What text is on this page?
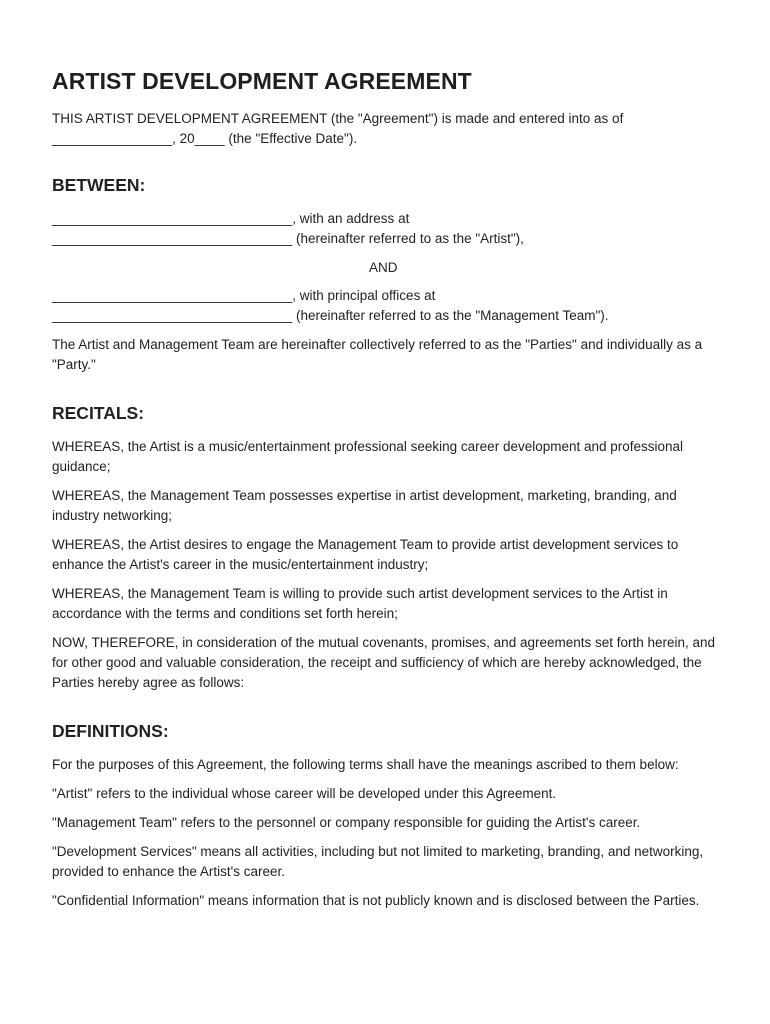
ARTIST DEVELOPMENT AGREEMENT

THIS ARTIST DEVELOPMENT AGREEMENT (the "Agreement") is made and entered into as of ________________, 20____ (the "Effective Date").

BETWEEN:
________________________________, with an address at
________________________________ (hereinafter referred to as the "Artist"),
AND
________________________________, with principal offices at
________________________________ (hereinafter referred to as the "Management Team").

The Artist and Management Team are hereinafter collectively referred to as the "Parties" and individually as a "Party."

RECITALS:

WHEREAS, the Artist is a music/entertainment professional seeking career development and professional guidance;

WHEREAS, the Management Team possesses expertise in artist development, marketing, branding, and industry networking;

WHEREAS, the Artist desires to engage the Management Team to provide artist development services to enhance the Artist's career in the music/entertainment industry;

WHEREAS, the Management Team is willing to provide such artist development services to the Artist in accordance with the terms and conditions set forth herein;

NOW, THEREFORE, in consideration of the mutual covenants, promises, and agreements set forth herein, and for other good and valuable consideration, the receipt and sufficiency of which are hereby acknowledged, the Parties hereby agree as follows:

DEFINITIONS:

For the purposes of this Agreement, the following terms shall have the meanings ascribed to them below:

"Artist" refers to the individual whose career will be developed under this Agreement.

"Management Team" refers to the personnel or company responsible for guiding the Artist's career.

"Development Services" means all activities, including but not limited to marketing, branding, and networking, provided to enhance the Artist's career.

"Confidential Information" means information that is not publicly known and is disclosed between the Parties.
